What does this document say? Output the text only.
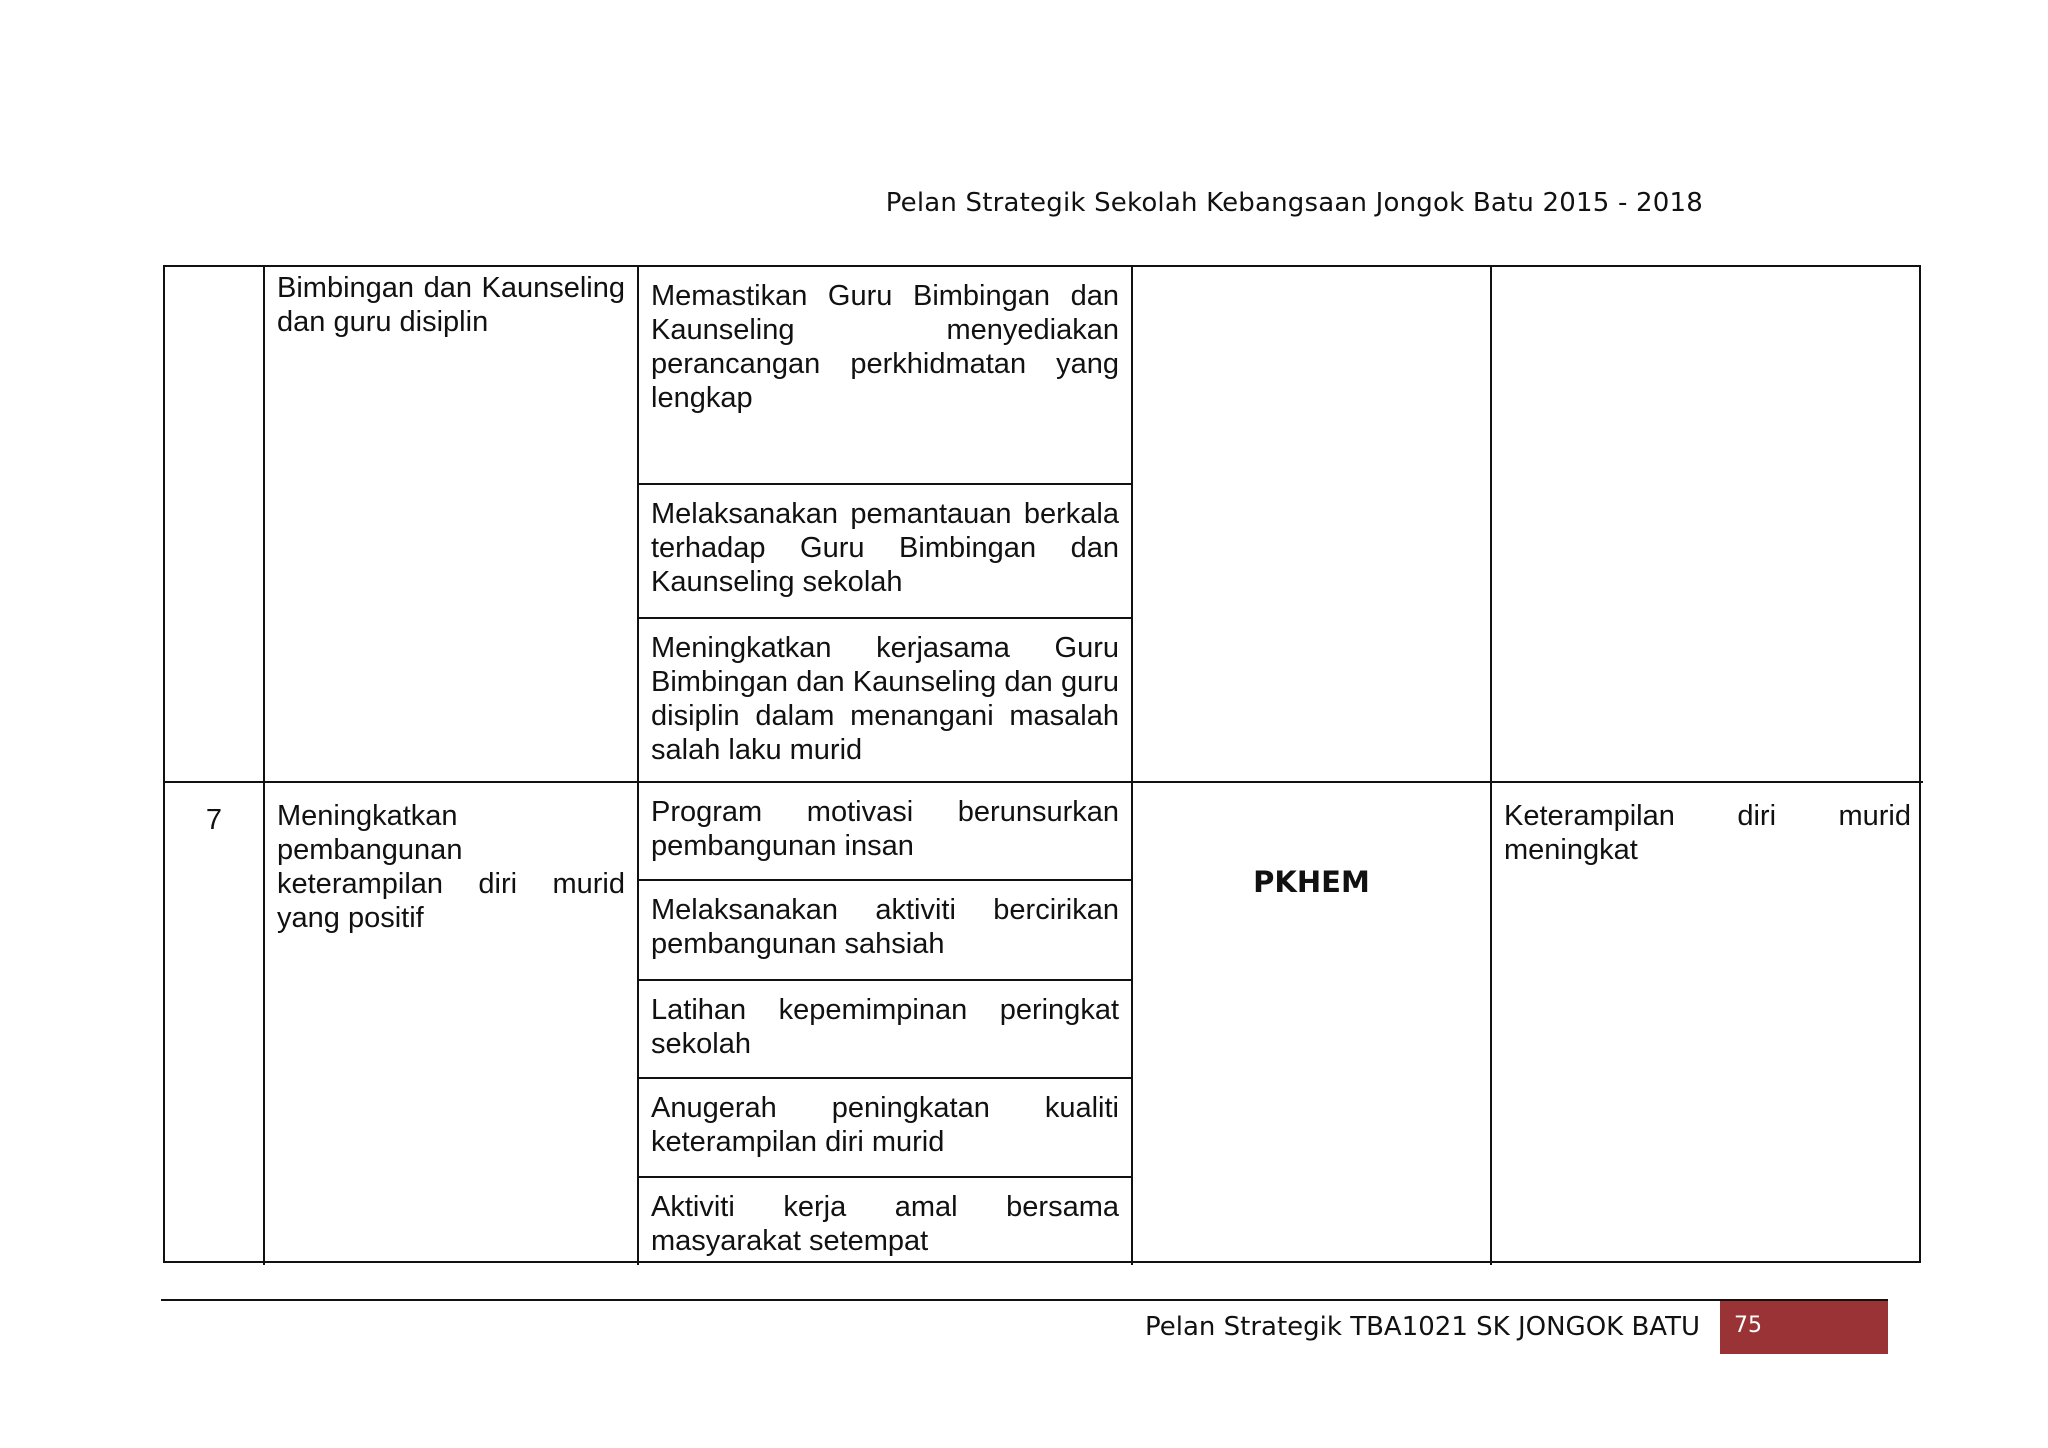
Pelan Strategik Sekolah Kebangsaan Jongok Batu 2015 - 2018
Bimbingan dan Kaunseling dan guru disiplin
Memastikan Guru Bimbingan dan Kaunseling menyediakan perancangan perkhidmatan yang lengkap
Melaksanakan pemantauan berkala terhadap Guru Bimbingan dan Kaunseling sekolah
Meningkatkan kerjasama Guru Bimbingan dan Kaunseling dan guru disiplin dalam menangani masalah salah laku murid
7	Meningkatkan pembangunan keterampilan diri murid yang positif
Program motivasi berunsurkan pembangunan insan
Melaksanakan aktiviti bercirikan pembangunan sahsiah
Latihan kepemimpinan peringkat sekolah
Anugerah peningkatan kualiti keterampilan diri murid
Aktiviti kerja amal bersama masyarakat setempat
PKHEM
Keterampilan diri murid meningkat
Pelan Strategik TBA1021 SK JONGOK BATU	75
